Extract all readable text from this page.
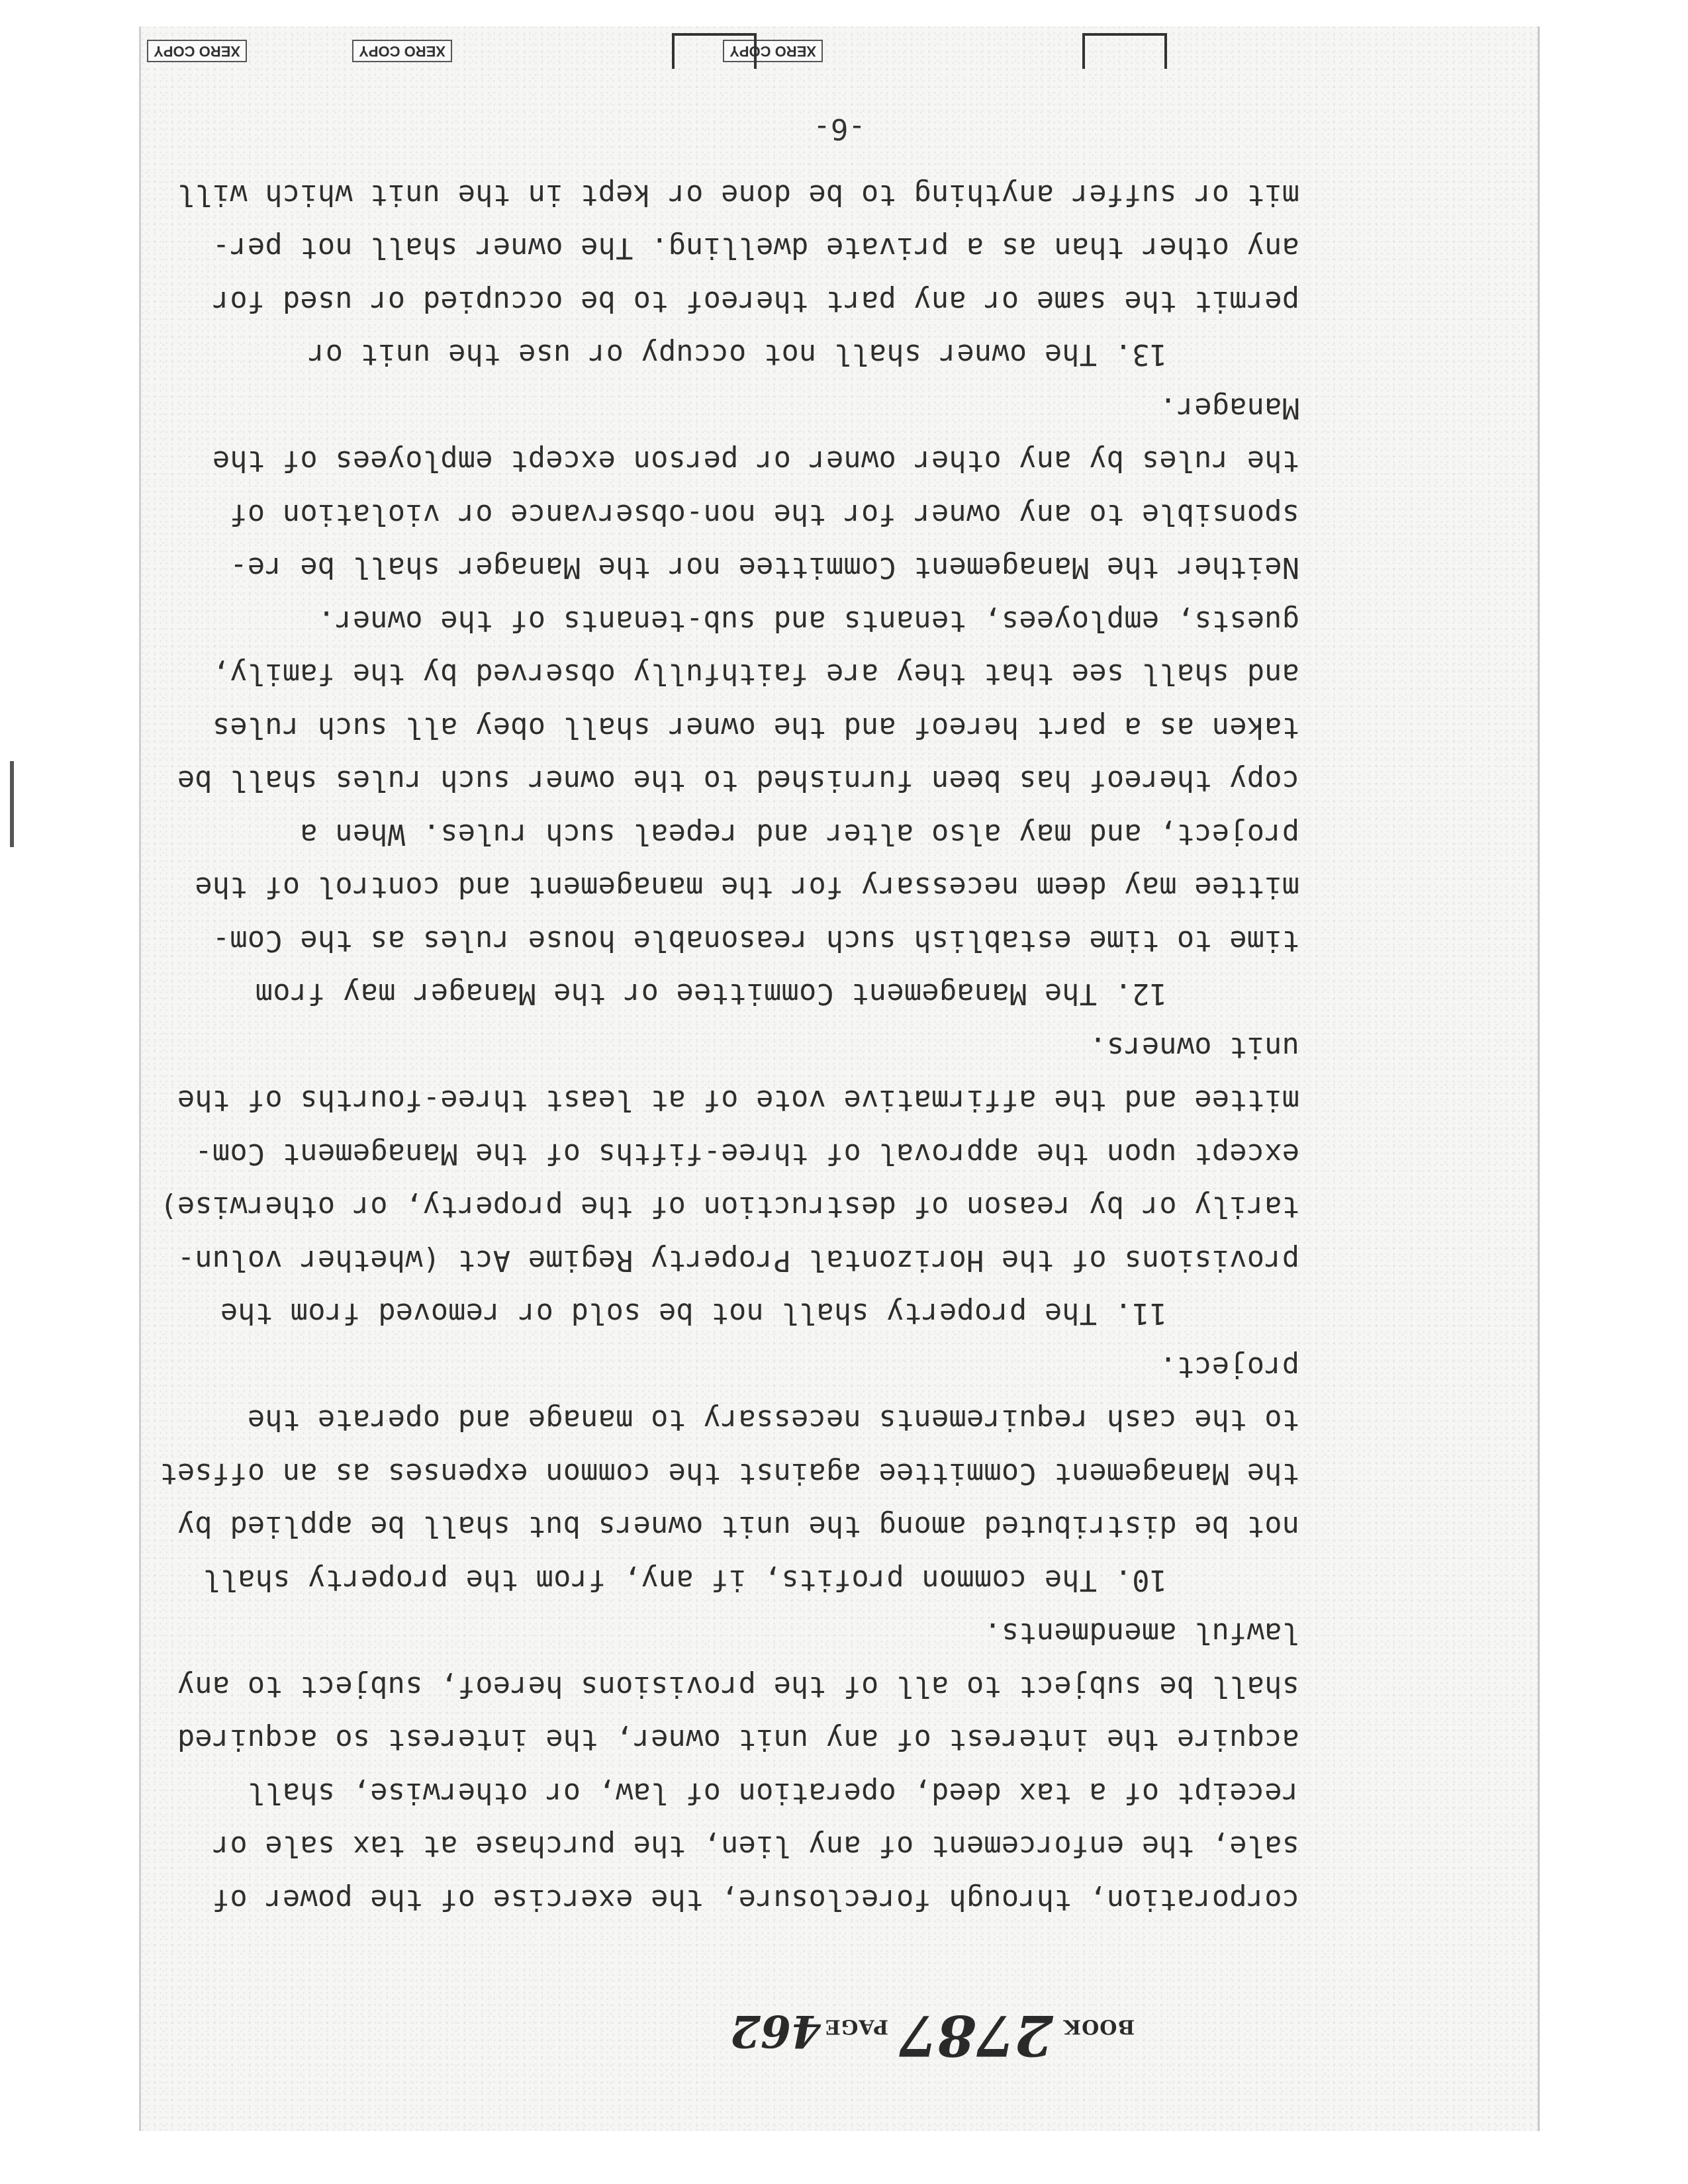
BOOK 2787 PAGE 462
corporation, through foreclosure, the exercise of the power of
sale, the enforcement of any lien, the purchase at tax sale or
receipt of a tax deed, operation of law, or otherwise, shall
acquire the interest of any unit owner, the interest so acquired
shall be subject to all of the provisions hereof, subject to any
lawful amendments.
10. The common profits, if any, from the property shall
not be distributed among the unit owners but shall be applied by
the Management Committee against the common expenses as an offset
to the cash requirements necessary to manage and operate the
project.
11. The property shall not be sold or removed from the
provisions of the Horizontal Property Regime Act (whether volun-
tarily or by reason of destruction of the property, or otherwise)
except upon the approval of three-fifths of the Management Com-
mittee and the affirmative vote of at least three-fourths of the
unit owners.
12. The Management Committee or the Manager may from
time to time establish such reasonable house rules as the Com-
mittee may deem necessary for the management and control of the
project, and may also alter and repeal such rules. When a
copy thereof has been furnished to the owner such rules shall be
taken as a part hereof and the owner shall obey all such rules
and shall see that they are faithfully observed by the family,
guests, employees, tenants and sub-tenants of the owner.
Neither the Management Committee nor the Manager shall be re-
sponsible to any owner for the non-observance or violation of
the rules by any other owner or person except employees of the
Manager.
13. The owner shall not occupy or use the unit or
permit the same or any part thereof to be occupied or used for
any other than as a private dwelling. The owner shall not per-
mit or suffer anything to be done or kept in the unit which will
-6-
XERO COPY
XERO COPY
XERO COPY
